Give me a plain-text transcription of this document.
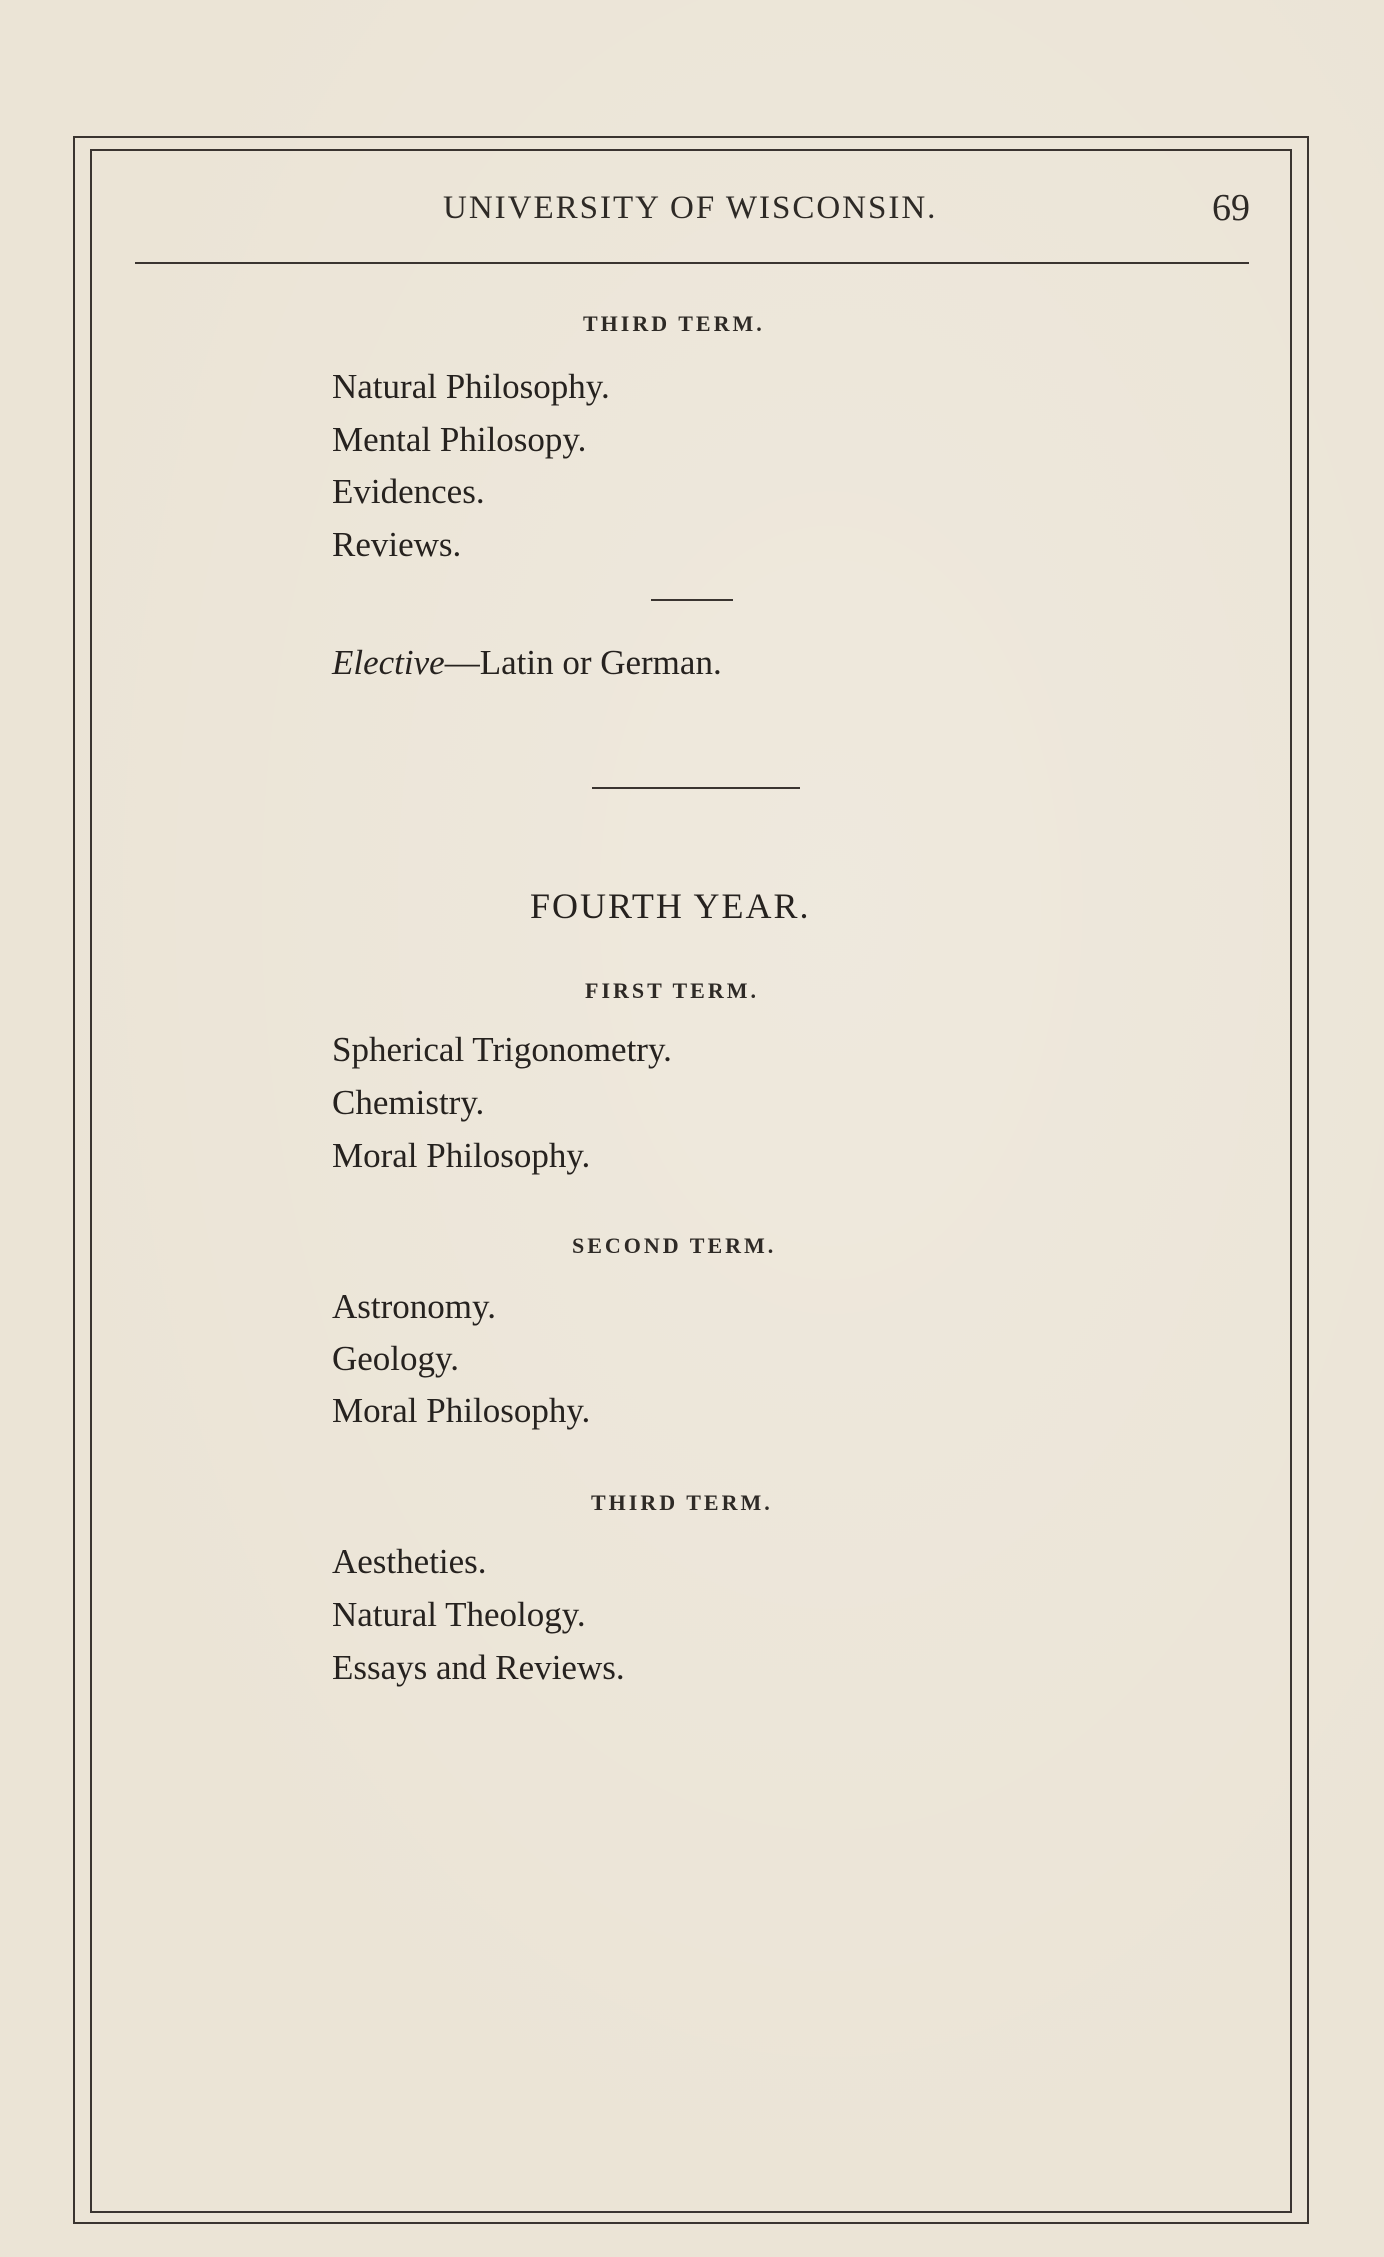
UNIVERSITY OF WISCONSIN.	69
THIRD TERM.
Natural Philosophy.
Mental Philosopy.
Evidences.
Reviews.
Elective—Latin or German.
FOURTH YEAR.
FIRST TERM.
Spherical Trigonometry.
Chemistry.
Moral Philosophy.
SECOND TERM.
Astronomy.
Geology.
Moral Philosophy.
THIRD TERM.
Aestheties.
Natural Theology.
Essays and Reviews.
